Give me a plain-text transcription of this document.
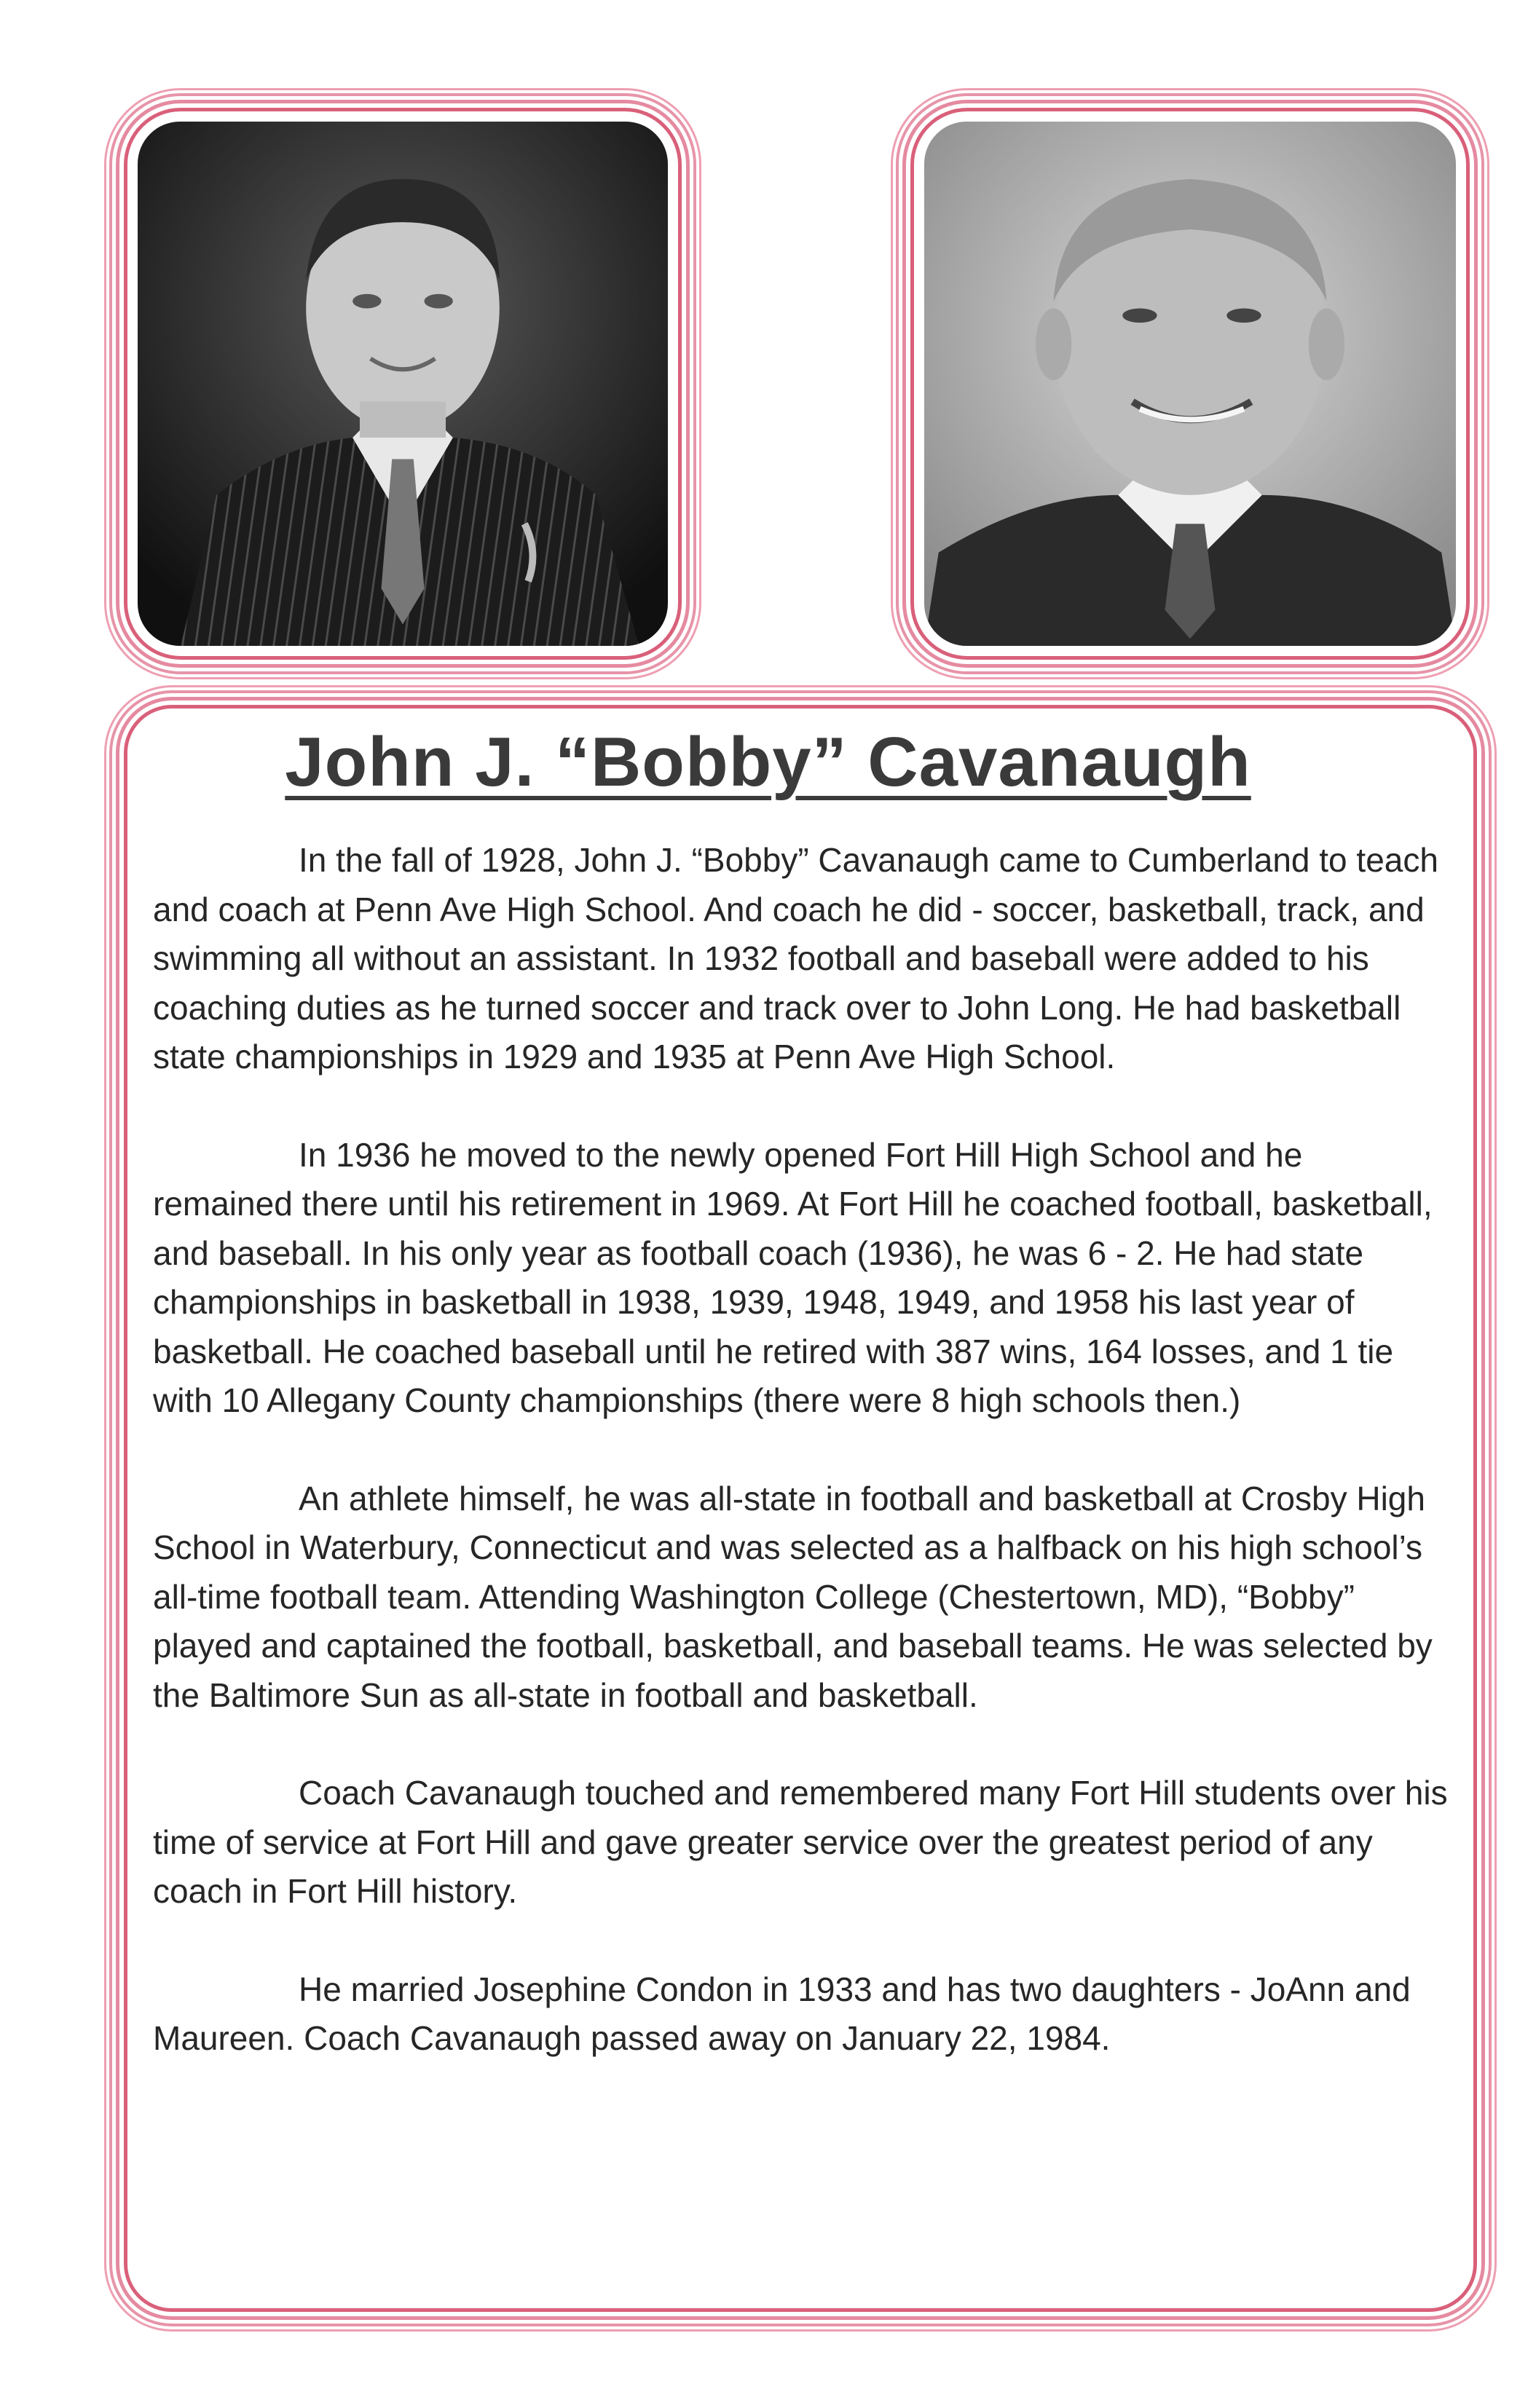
John J. “Bobby” Cavanaugh

In the fall of 1928, John J. “Bobby” Cavanaugh came to Cumberland to teach and coach at Penn Ave High School. And coach he did - soccer, basketball, track, and swimming all without an assistant. In 1932 football and baseball were added to his coaching duties as he turned soccer and track over to John Long. He had basketball state championships in 1929 and 1935 at Penn Ave High School.

In 1936 he moved to the newly opened Fort Hill High School and he remained there until his retirement in 1969. At Fort Hill he coached football, basketball, and baseball. In his only year as football coach (1936), he was 6 - 2. He had state championships in basketball in 1938, 1939, 1948, 1949, and 1958 his last year of basketball. He coached baseball until he retired with 387 wins, 164 losses, and 1 tie with 10 Allegany County championships (there were 8 high schools then.)

An athlete himself, he was all-state in football and basketball at Crosby High School in Waterbury, Connecticut and was selected as a halfback on his high school’s all-time football team. Attending Washington College (Chestertown, MD), “Bobby” played and captained the football, basketball, and baseball teams. He was selected by the Baltimore Sun as all-state in football and basketball.

Coach Cavanaugh touched and remembered many Fort Hill students over his time of service at Fort Hill and gave greater service over the greatest period of any coach in Fort Hill history.

He married Josephine Condon in 1933 and has two daughters - JoAnn and Maureen. Coach Cavanaugh passed away on January 22, 1984.
